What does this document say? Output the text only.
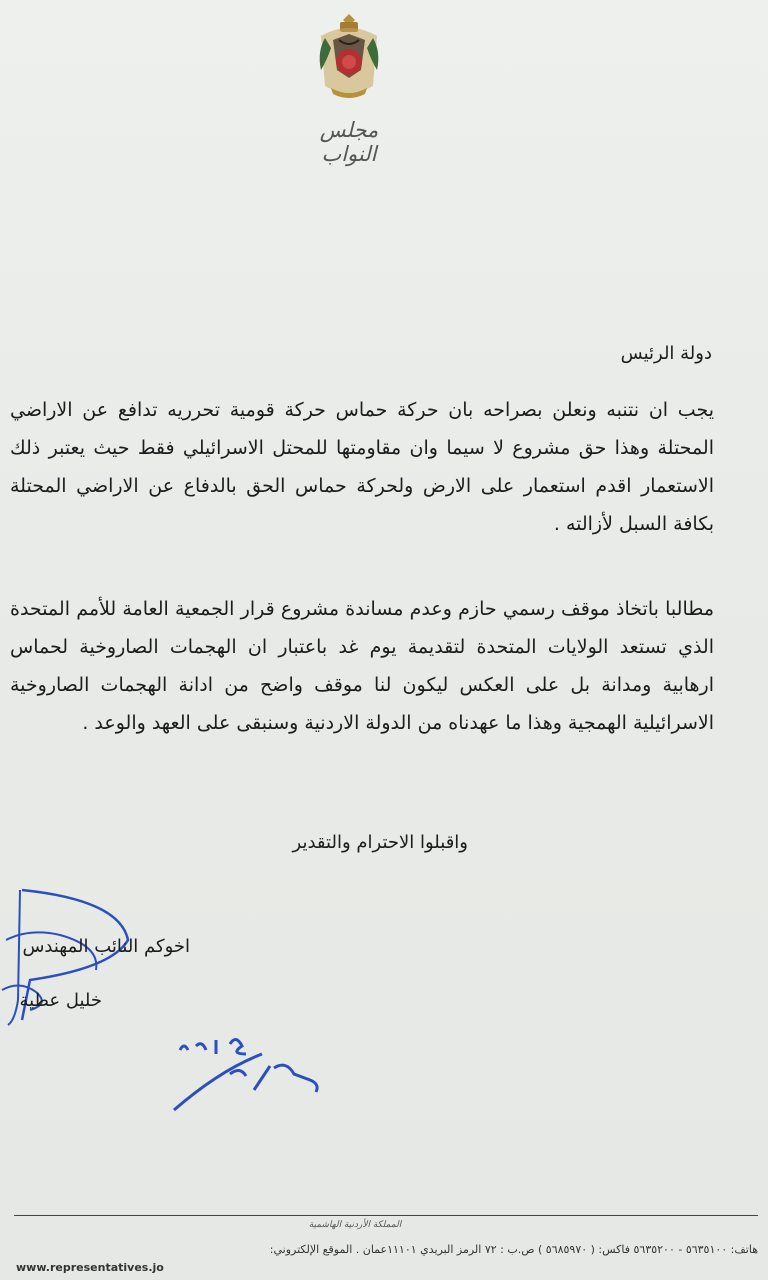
مجلس النواب
دولة الرئيس
يجب ان نتنبه ونعلن بصراحه بان حركة حماس حركة قومية تحرريه تدافع عن الاراضي المحتلة وهذا حق مشروع لا سيما وان مقاومتها للمحتل الاسرائيلي فقط حيث يعتبر ذلك الاستعمار اقدم استعمار على الارض ولحركة حماس الحق بالدفاع عن الاراضي المحتلة بكافة السبل لأزالته .
مطالبا باتخاذ موقف رسمي حازم وعدم مساندة مشروع قرار الجمعية العامة للأمم المتحدة الذي تستعد الولايات المتحدة لتقديمة يوم غد باعتبار ان الهجمات الصاروخية لحماس ارهابية ومدانة بل على العكس ليكون لنا موقف واضح من ادانة الهجمات الصاروخية الاسرائيلية الهمجية وهذا ما عهدناه من الدولة الاردنية وسنبقى على العهد والوعد .
واقبلوا الاحترام والتقدير
اخوكم النائب المهندس
خليل عطية
المملكة الأردنية الهاشمية
هاتف: ٥٦٣٥١٠٠ - ٥٦٣٥٢٠٠ فاكس: ( ٥٦٨٥٩٧٠ ) ص.ب : ٧٢ الرمز البريدي ١١١٠١عمان . الموقع الإلكتروني:
www.representatives.jo
